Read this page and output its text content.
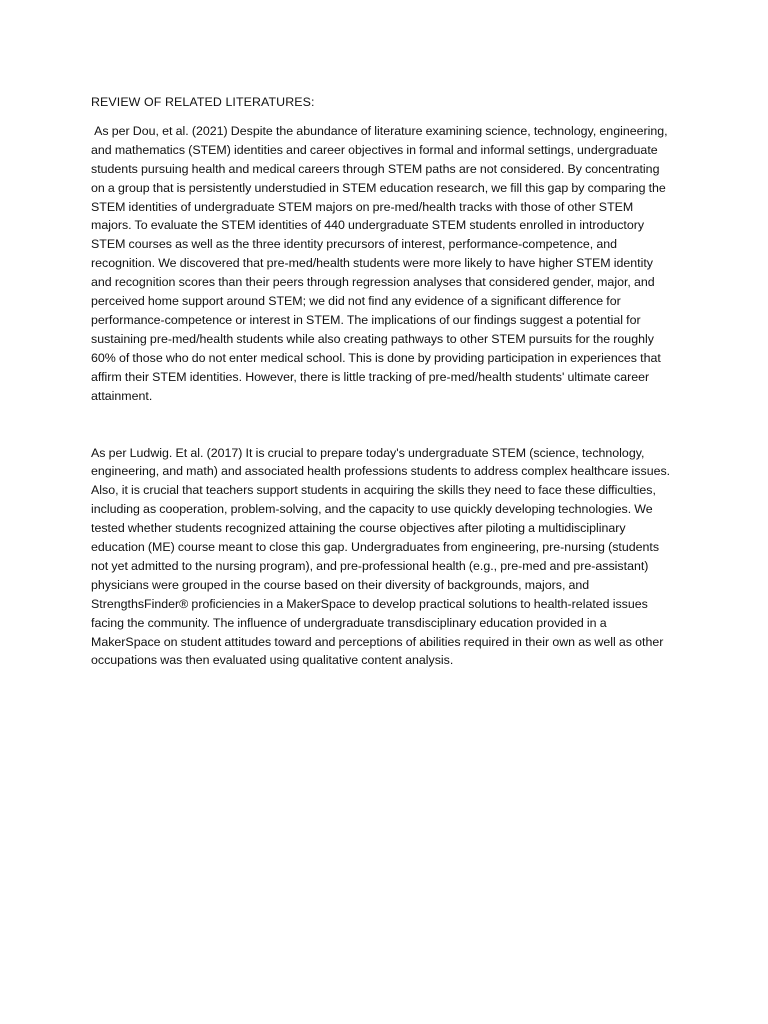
REVIEW OF RELATED LITERATURES:

As per Dou, et al. (2021) Despite the abundance of literature examining science, technology, engineering, and mathematics (STEM) identities and career objectives in formal and informal settings, undergraduate students pursuing health and medical careers through STEM paths are not considered. By concentrating on a group that is persistently understudied in STEM education research, we fill this gap by comparing the STEM identities of undergraduate STEM majors on pre-med/health tracks with those of other STEM majors. To evaluate the STEM identities of 440 undergraduate STEM students enrolled in introductory STEM courses as well as the three identity precursors of interest, performance-competence, and recognition. We discovered that pre-med/health students were more likely to have higher STEM identity and recognition scores than their peers through regression analyses that considered gender, major, and perceived home support around STEM; we did not find any evidence of a significant difference for performance-competence or interest in STEM. The implications of our findings suggest a potential for sustaining pre-med/health students while also creating pathways to other STEM pursuits for the roughly 60% of those who do not enter medical school. This is done by providing participation in experiences that affirm their STEM identities. However, there is little tracking of pre-med/health students' ultimate career attainment.

As per Ludwig. Et al. (2017) It is crucial to prepare today's undergraduate STEM (science, technology, engineering, and math) and associated health professions students to address complex healthcare issues. Also, it is crucial that teachers support students in acquiring the skills they need to face these difficulties, including as cooperation, problem-solving, and the capacity to use quickly developing technologies. We tested whether students recognized attaining the course objectives after piloting a multidisciplinary education (ME) course meant to close this gap. Undergraduates from engineering, pre-nursing (students not yet admitted to the nursing program), and pre-professional health (e.g., pre-med and pre-assistant) physicians were grouped in the course based on their diversity of backgrounds, majors, and StrengthsFinder® proficiencies in a MakerSpace to develop practical solutions to health-related issues facing the community. The influence of undergraduate transdisciplinary education provided in a MakerSpace on student attitudes toward and perceptions of abilities required in their own as well as other occupations was then evaluated using qualitative content analysis.
